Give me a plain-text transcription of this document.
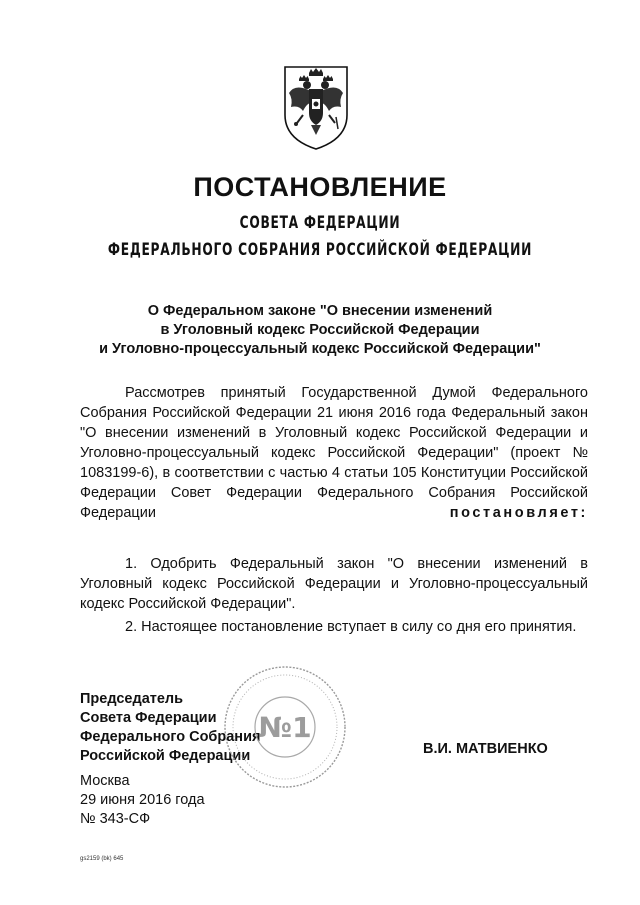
ПОСТАНОВЛЕНИЕ
СОВЕТА ФЕДЕРАЦИИ
ФЕДЕРАЛЬНОГО СОБРАНИЯ РОССИЙСКОЙ ФЕДЕРАЦИИ

О Федеральном законе "О внесении изменений
в Уголовный кодекс Российской Федерации
и Уголовно-процессуальный кодекс Российской Федерации"

Рассмотрев принятый Государственной Думой Федерального Собрания Российской Федерации 21 июня 2016 года Федеральный закон "О внесении изменений в Уголовный кодекс Российской Федерации и Уголовно-процессуальный кодекс Российской Федерации" (проект № 1083199-6), в соответствии с частью 4 статьи 105 Конституции Российской Федерации Совет Федерации Федерального Собрания Российской Федерации	постановляет:

1. Одобрить Федеральный закон "О внесении изменений в Уголовный кодекс Российской Федерации и Уголовно-процессуальный кодекс Российской Федерации".

2. Настоящее постановление вступает в силу со дня его принятия.

Председатель
Совета Федерации
Федерального Собрания
Российской Федерации

№1

В.И. МАТВИЕНКО

Москва
29 июня 2016 года
№ 343-СФ

gs2159 (bk) 645
